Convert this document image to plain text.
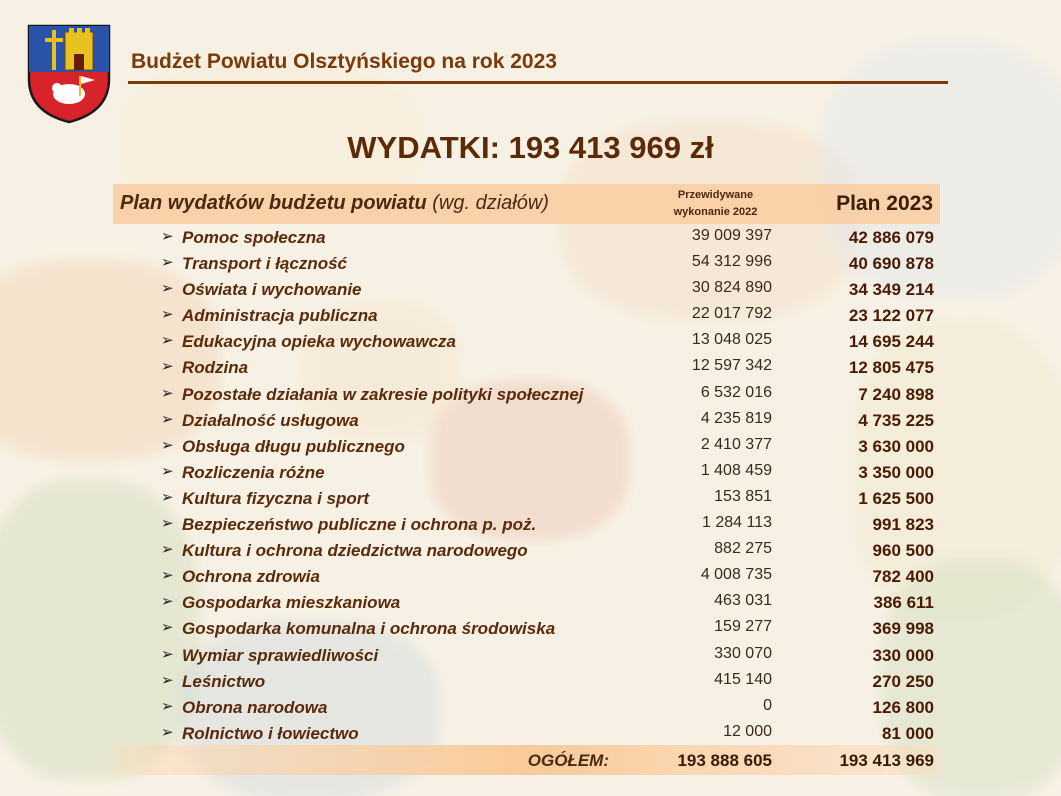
Budżet Powiatu Olsztyńskiego na rok 2023
WYDATKI: 193 413 969 zł
Plan wydatków budżetu powiatu (wg. działów)	Przewidywane
wykonanie 2022	Plan 2023
➢ Pomoc społeczna	39 009 397	42 886 079
➢ Transport i łączność	54 312 996	40 690 878
➢ Oświata i wychowanie	30 824 890	34 349 214
➢ Administracja publiczna	22 017 792	23 122 077
➢ Edukacyjna opieka wychowawcza	13 048 025	14 695 244
➢ Rodzina	12 597 342	12 805 475
➢ Pozostałe działania w zakresie polityki społecznej	6 532 016	7 240 898
➢ Działalność usługowa	4 235 819	4 735 225
➢ Obsługa długu publicznego	2 410 377	3 630 000
➢ Rozliczenia różne	1 408 459	3 350 000
➢ Kultura fizyczna i sport	153 851	1 625 500
➢ Bezpieczeństwo publiczne i ochrona p. poż.	1 284 113	991 823
➢ Kultura i ochrona dziedzictwa narodowego	882 275	960 500
➢ Ochrona zdrowia	4 008 735	782 400
➢ Gospodarka mieszkaniowa	463 031	386 611
➢ Gospodarka komunalna i ochrona środowiska	159 277	369 998
➢ Wymiar sprawiedliwości	330 070	330 000
➢ Leśnictwo	415 140	270 250
➢ Obrona narodowa	0	126 800
➢ Rolnictwo i łowiectwo	12 000	81 000
OGÓŁEM:	193 888 605	193 413 969
